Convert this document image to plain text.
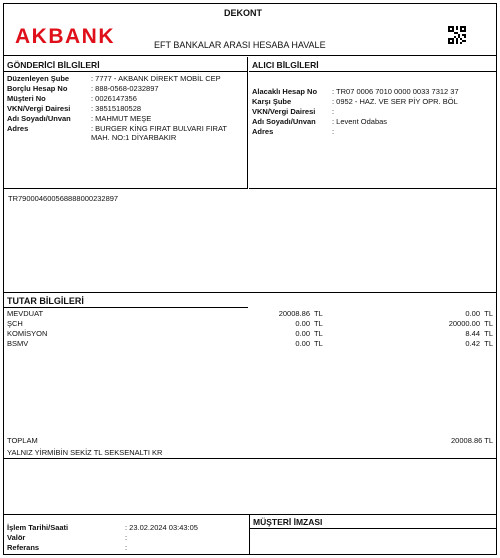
AKBANK
DEKONT
EFT BANKALAR ARASI HESABA HAVALE
GÖNDERİCİ BİLGİLERİ
Düzenleyen Şube	: 7777 - AKBANK DİREKT MOBİL CEP
Borçlu Hesap No	: 888-0568-0232897
Müşteri No	: 0026147356
VKN/Vergi Dairesi	: 38515180528
Adı Soyadı/Unvan	: MAHMUT MEŞE
Adres	: BURGER KİNG FIRAT BULVARI FIRAT MAH. NO:1 DİYARBAKIR
ALICI BİLGİLERİ
Alacaklı Hesap No : TR07 0006 7010 0000 0033 7312 37
Karşı Şube	: 0952 - HAZ. VE SER PİY OPR. BÖL
VKN/Vergi Dairesi :
Adı Soyadı/Unvan : Levent Odabas
Adres	:
TR790004600568888000232897
TUTAR BİLGİLERİ
MEVDUAT	20008.86 TL	0.00 TL
ŞCH	0.00 TL	20000.00 TL
KOMİSYON	0.00 TL	8.44 TL
BSMV	0.00 TL	0.42 TL
TOPLAM	20008.86 TL
YALNIZ YİRMİBİN SEKİZ TL SEKSENALTI KR
İşlem Tarihi/Saati	: 23.02.2024 03:43:05
Valör	:
Referans	:
MÜŞTERİ İMZASI
